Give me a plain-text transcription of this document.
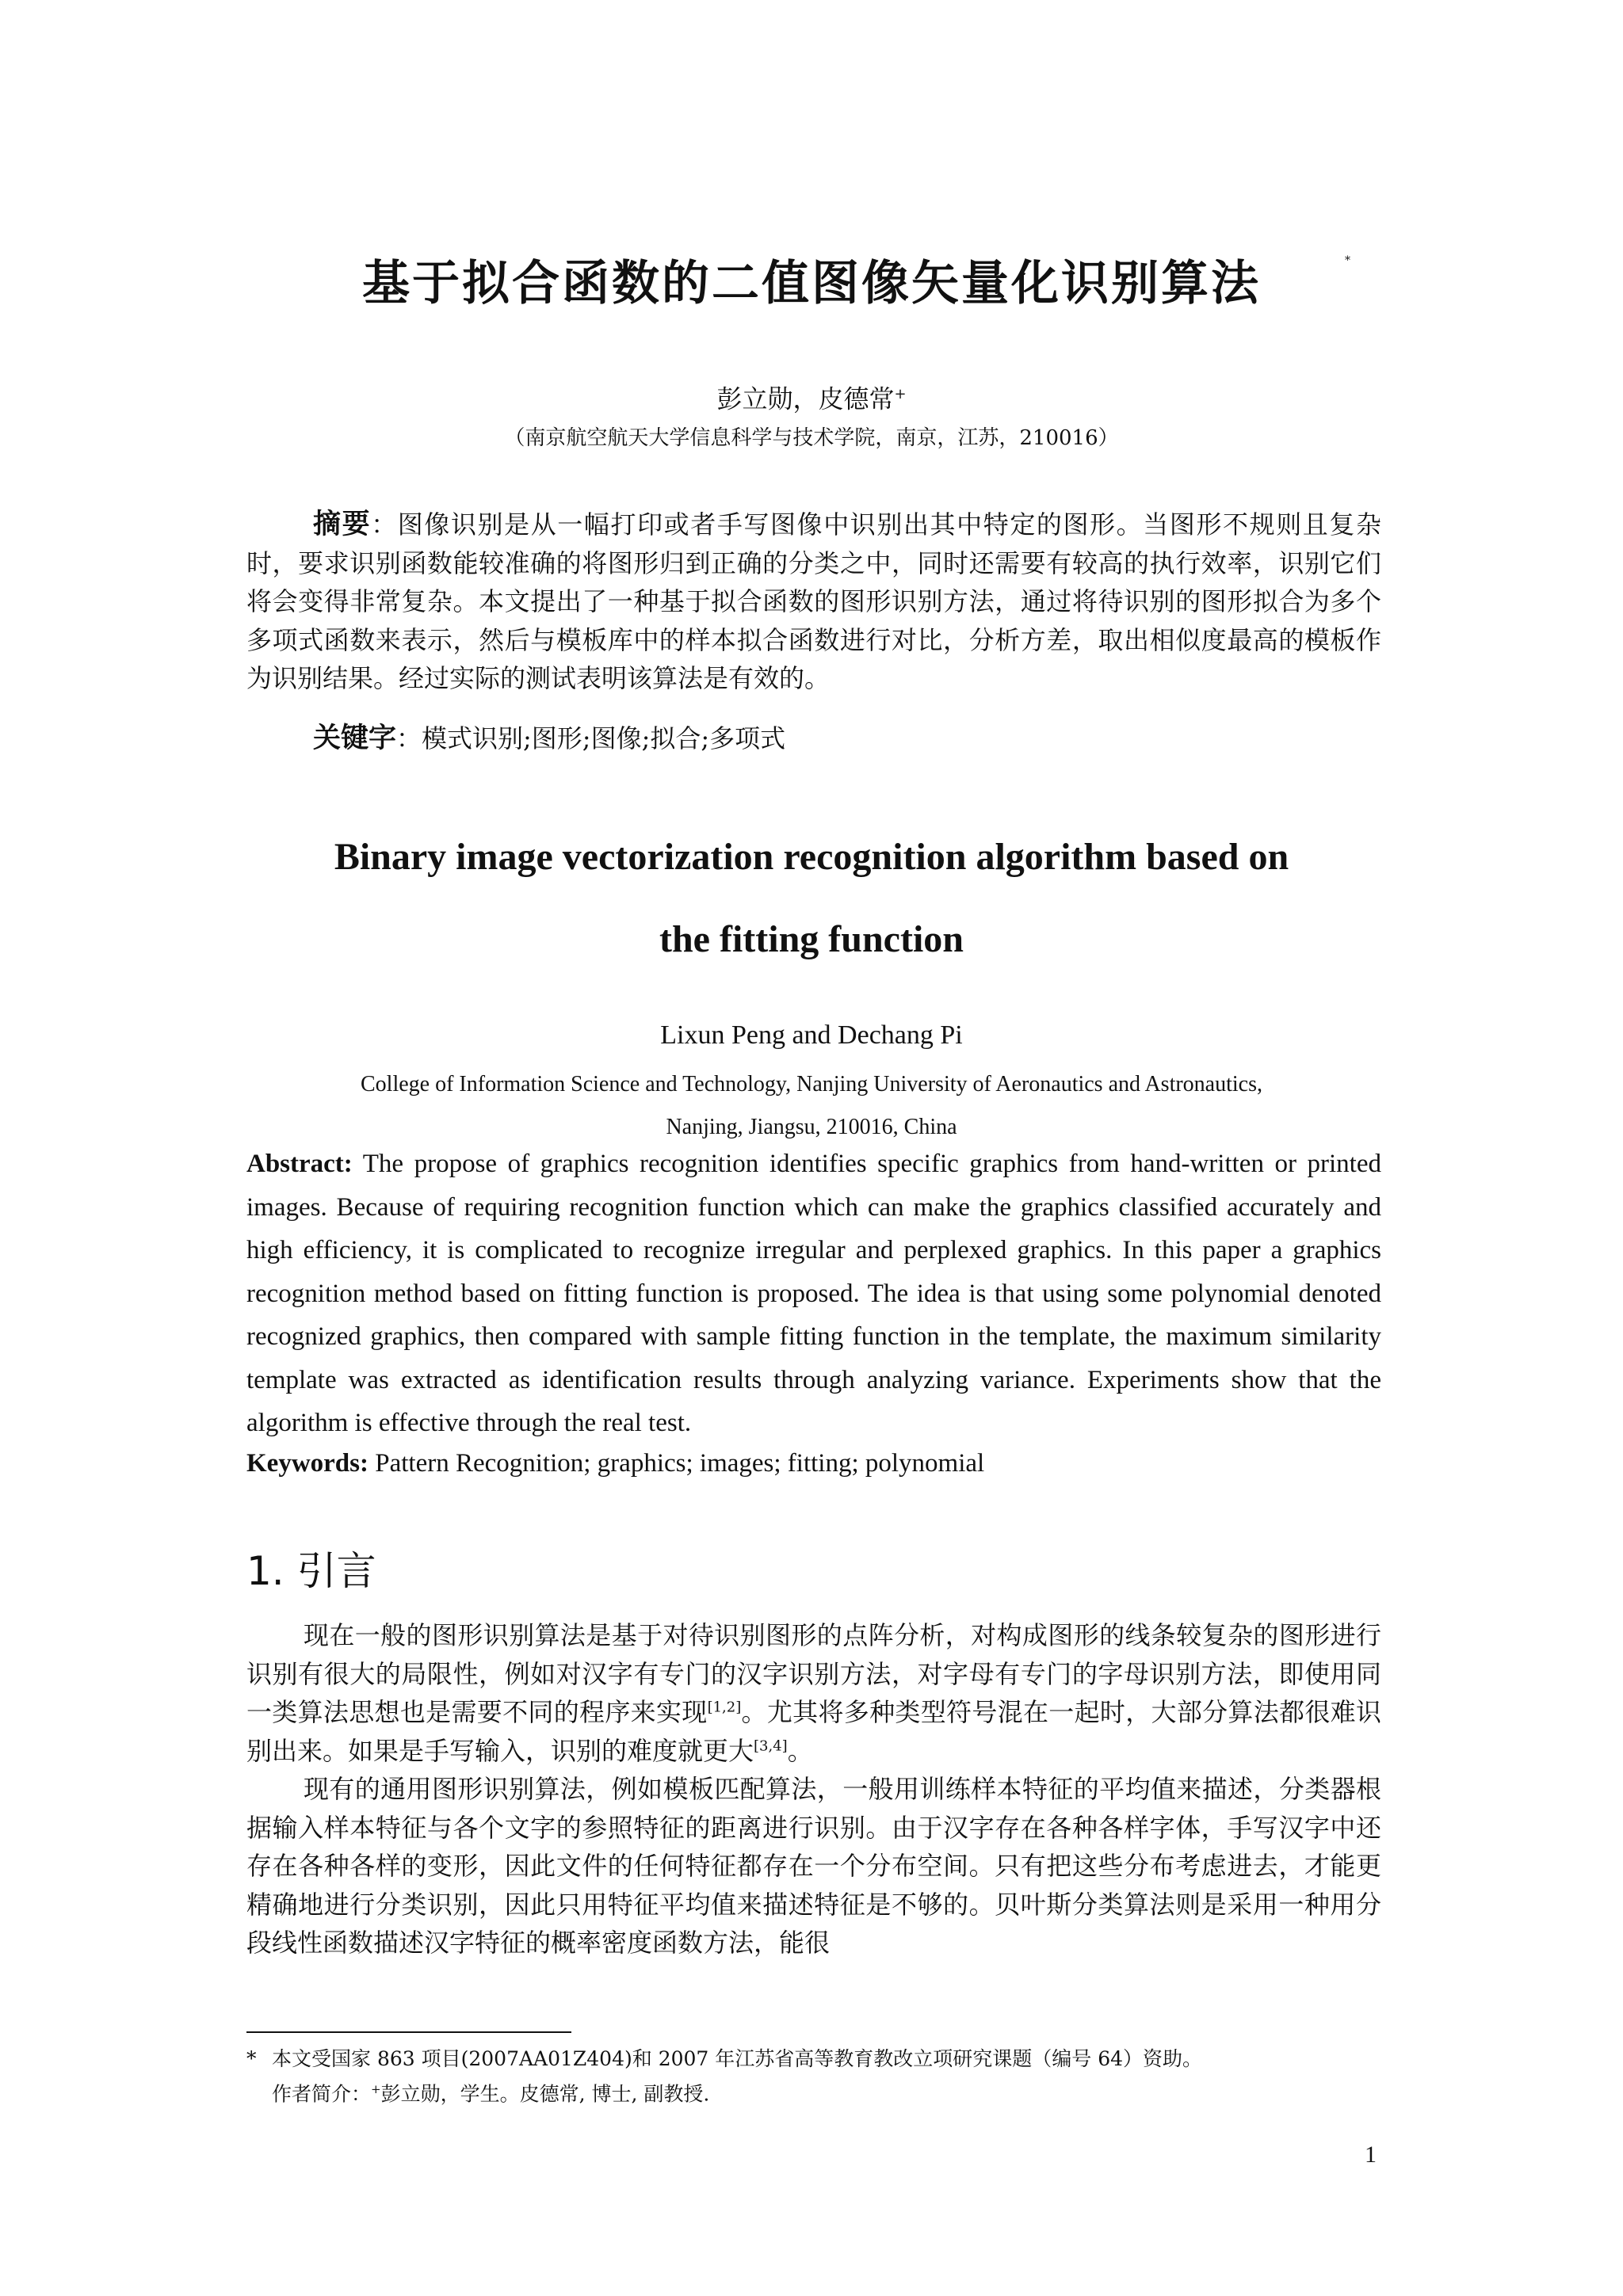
基于拟合函数的二值图像矢量化识别算法	*
彭立勋，皮德常+
（南京航空航天大学信息科学与技术学院，南京，江苏，210016）
摘要：图像识别是从一幅打印或者手写图像中识别出其中特定的图形。当图形不规则且复杂时，要求识别函数能较准确的将图形归到正确的分类之中，同时还需要有较高的执行效率，识别它们将会变得非常复杂。本文提出了一种基于拟合函数的图形识别方法，通过将待识别的图形拟合为多个多项式函数来表示，然后与模板库中的样本拟合函数进行对比，分析方差，取出相似度最高的模板作为识别结果。经过实际的测试表明该算法是有效的。
关键字：模式识别;图形;图像;拟合;多项式
Binary image vectorization recognition algorithm based on
the fitting function
Lixun Peng and Dechang Pi
College of Information Science and Technology, Nanjing University of Aeronautics and Astronautics,
Nanjing, Jiangsu, 210016, China
Abstract: The propose of graphics recognition identifies specific graphics from hand-written or printed images. Because of requiring recognition function which can make the graphics classified accurately and high efficiency, it is complicated to recognize irregular and perplexed graphics. In this paper a graphics recognition method based on fitting function is proposed. The idea is that using some polynomial denoted recognized graphics, then compared with sample fitting function in the template, the maximum similarity template was extracted as identification results through analyzing variance. Experiments show that the algorithm is effective through the real test.
Keywords: Pattern Recognition; graphics; images; fitting; polynomial
1. 引言

现在一般的图形识别算法是基于对待识别图形的点阵分析，对构成图形的线条较复杂的图形进行识别有很大的局限性，例如对汉字有专门的汉字识别方法，对字母有专门的字母识别方法，即使用同一类算法思想也是需要不同的程序来实现[1,2]。尤其将多种类型符号混在一起时，大部分算法都很难识别出来。如果是手写输入，识别的难度就更大[3,4]。

现有的通用图形识别算法，例如模板匹配算法，一般用训练样本特征的平均值来描述，分类器根据输入样本特征与各个文字的参照特征的距离进行识别。由于汉字存在各种各样字体，手写汉字中还存在各种各样的变形，因此文件的任何特征都存在一个分布空间。只有把这些分布考虑进去，才能更精确地进行分类识别，因此只用特征平均值来描述特征是不够的。贝叶斯分类算法则是采用一种用分段线性函数描述汉字特征的概率密度函数方法，能很

* 本文受国家 863 项目(2007AA01Z404)和 2007 年江苏省高等教育教改立项研究课题（编号 64）资助。
作者简介：+彭立勋，学生。皮德常, 博士, 副教授.
1
